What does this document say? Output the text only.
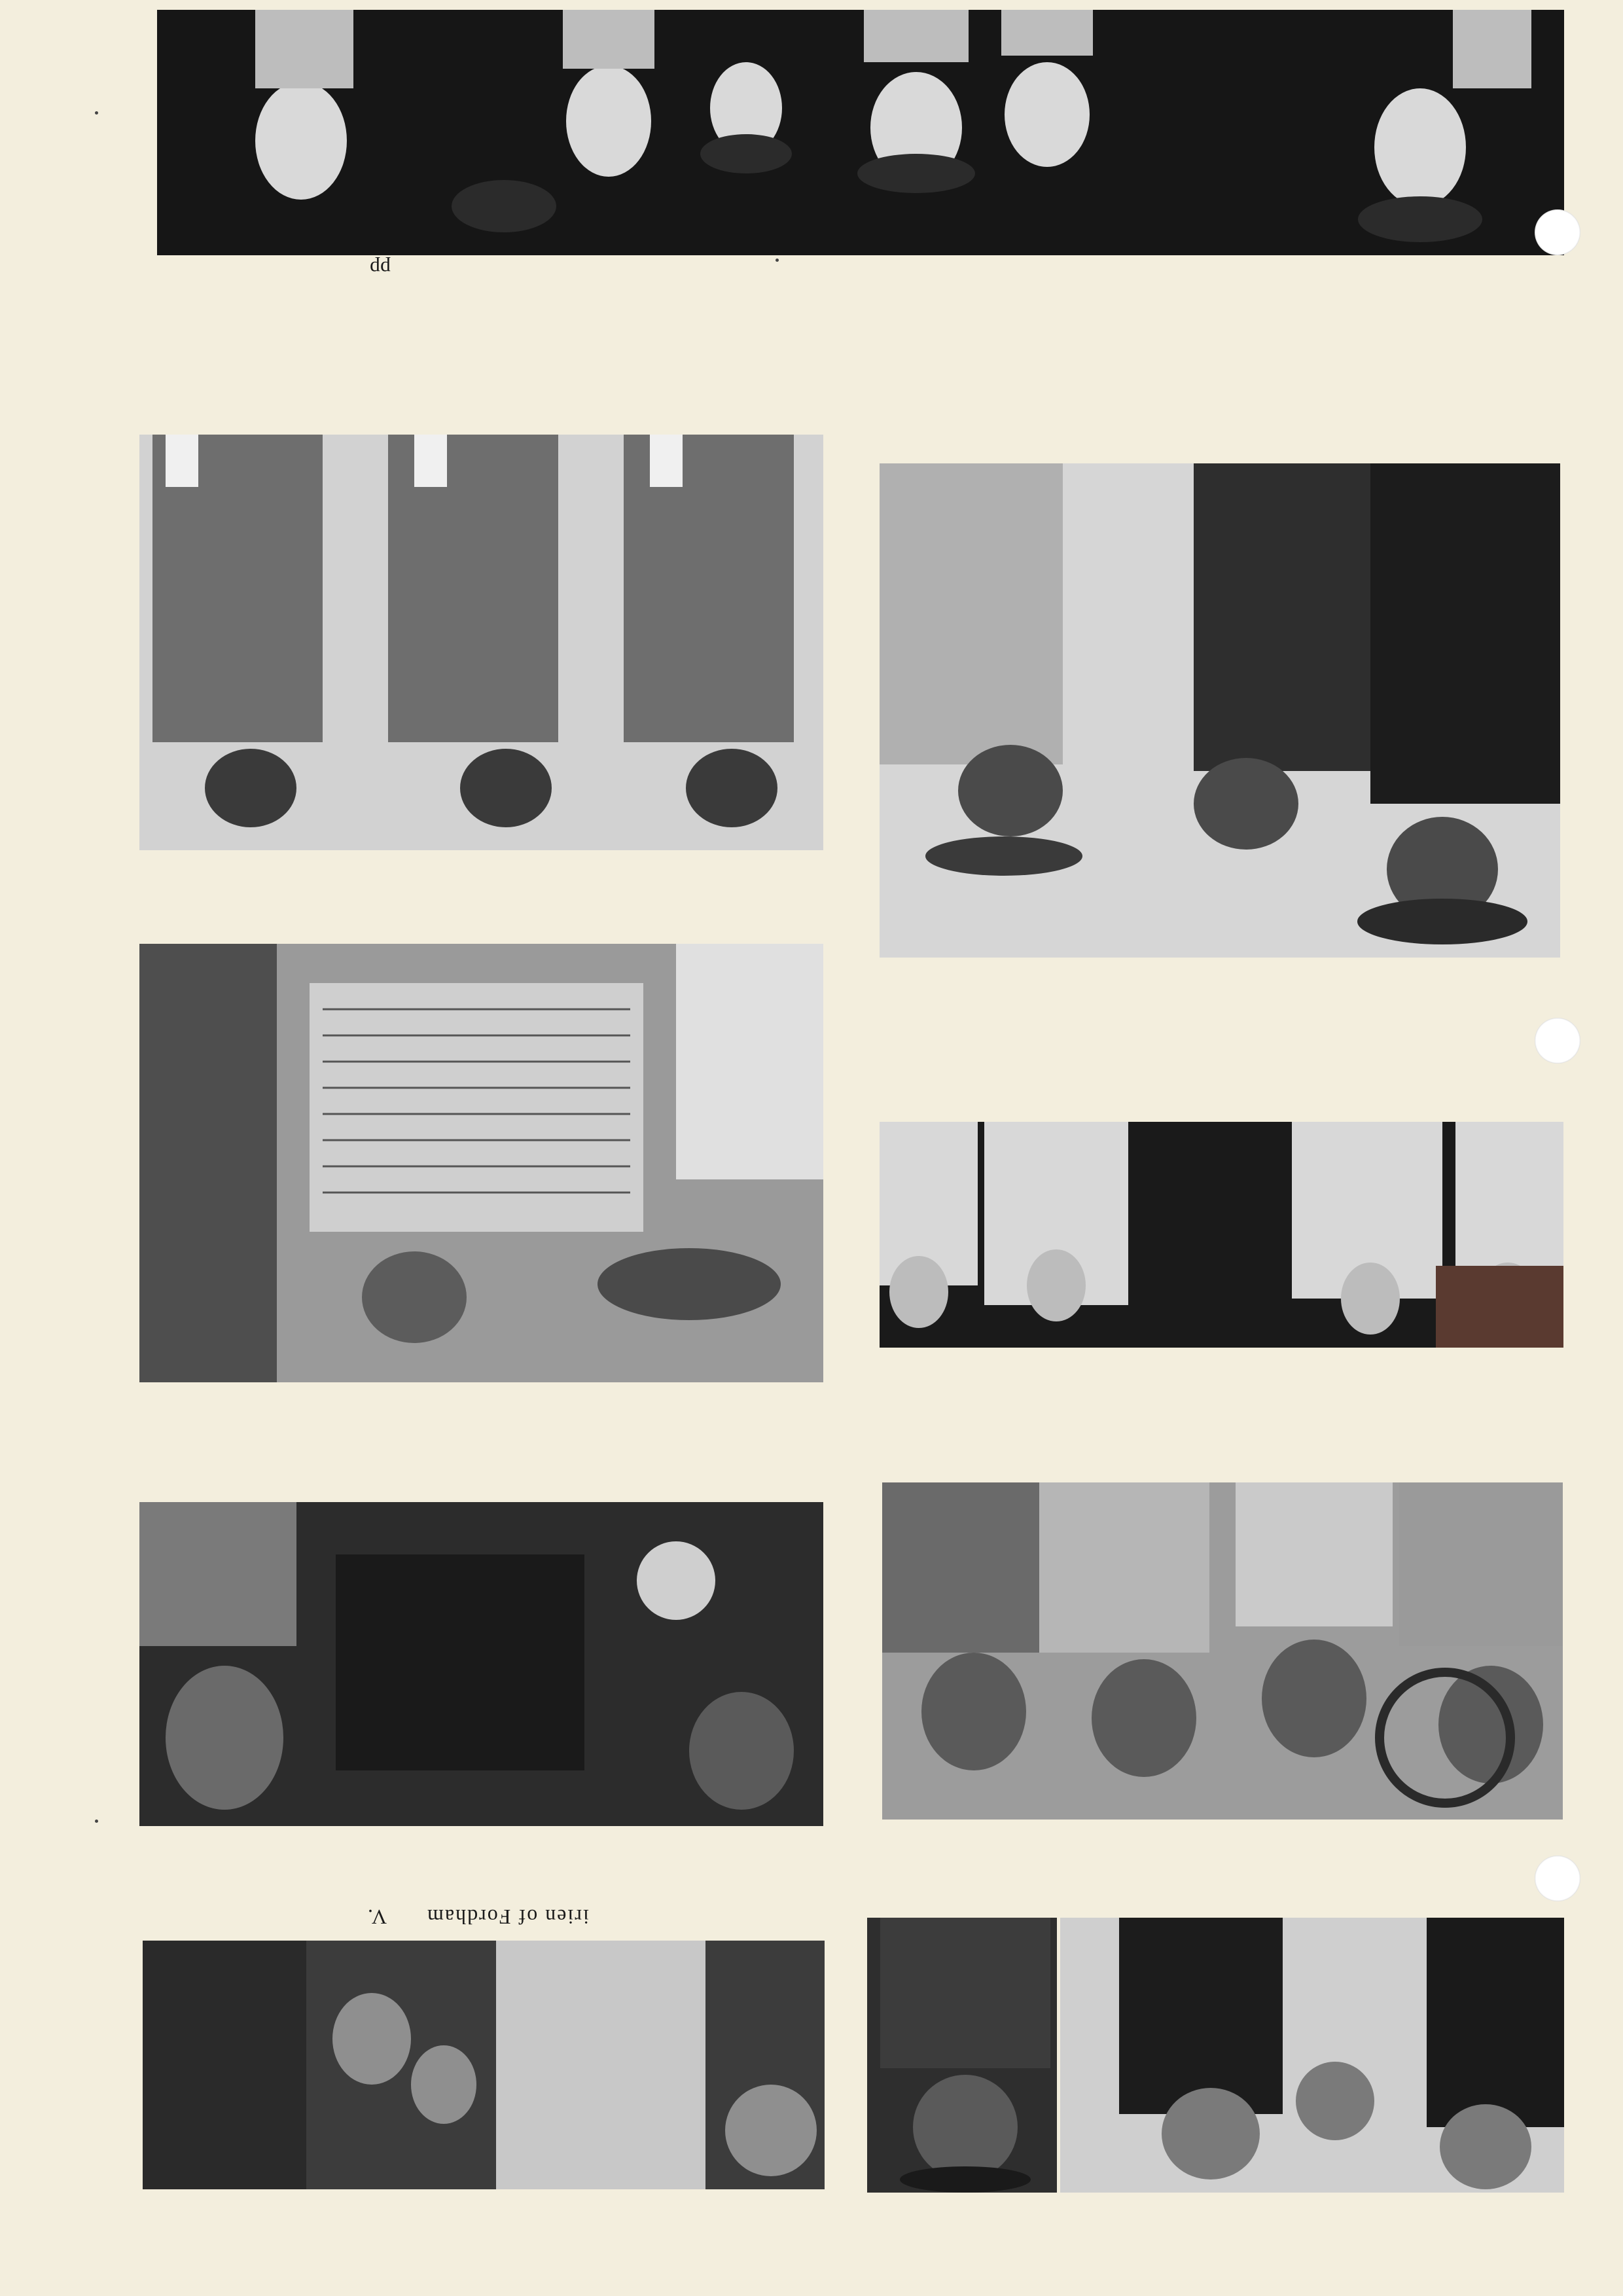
pp
irien of Fordham      V.
